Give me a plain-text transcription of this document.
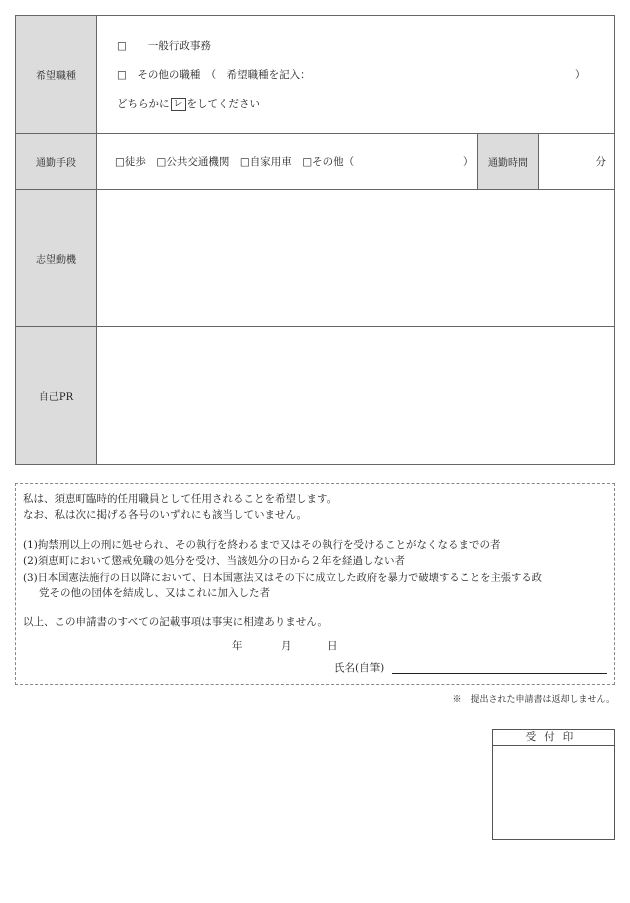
希望職種	□　　一般行政事務
□　その他の職種　（　希望職種を記入： ）
どちらかに レ をしてください		

通勤手段	□徒歩　□公共交通機関　□自家用車　□その他（ ）	通勤時間	分
志望動機			
自己PR			
私は、須恵町臨時的任用職員として任用されることを希望します。
なお、私は次に掲げる各号のいずれにも該当していません。
(1)拘禁刑以上の刑に処せられ、その執行を終わるまで又はその執行を受けることがなくなるまでの者
(2)須恵町において懲戒免職の処分を受け、当該処分の日から２年を経過しない者
(3)日本国憲法施行の日以降において、日本国憲法又はその下に成立した政府を暴力で破壊することを主張する政
党その他の団体を結成し、又はこれに加入した者
以上、この申請書のすべての記載事項は事実に相違ありません。
年	月	日
氏名(自筆)
※　提出された申請書は返却しません。
受付印
